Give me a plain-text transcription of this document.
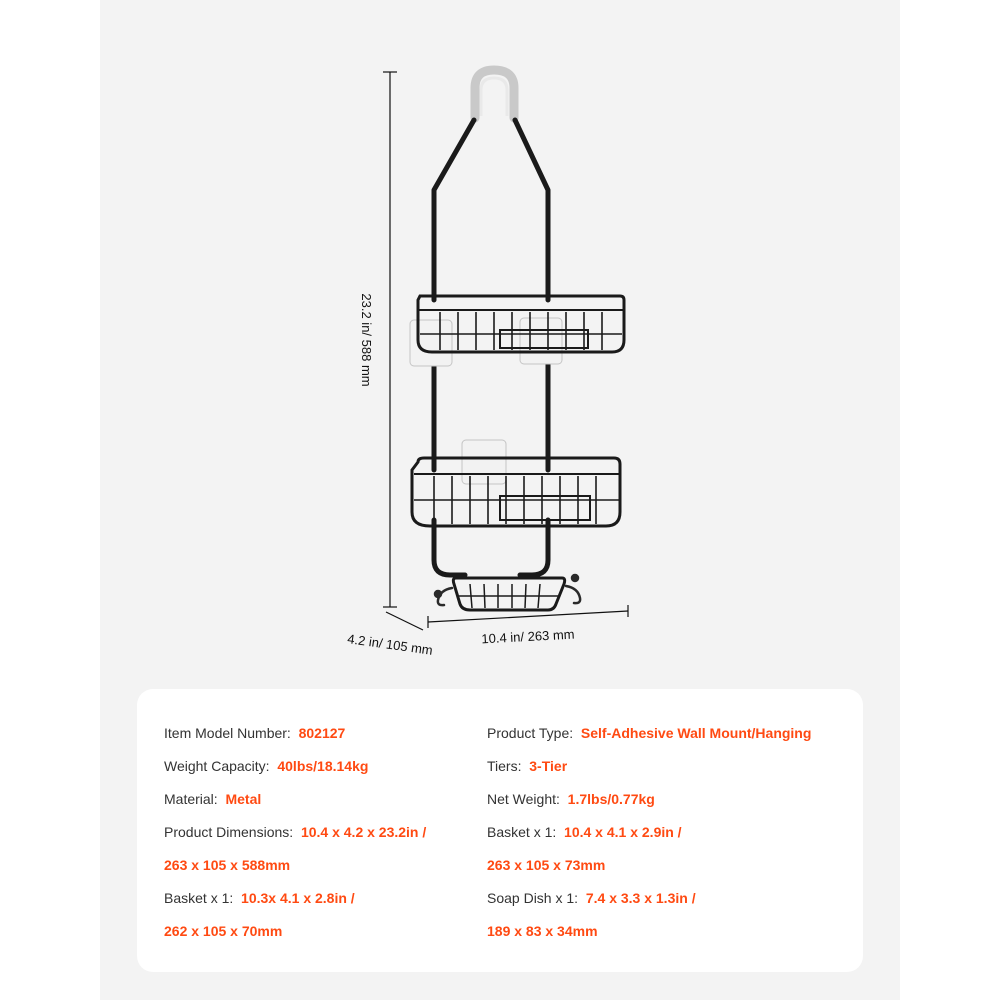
23.2 in/ 588 mm
4.2 in/ 105 mm	10.4 in/ 263 mm
Item Model Number: 802127
Weight Capacity: 40lbs/18.14kg
Material: Metal
Product Dimensions: 10.4 x 4.2 x 23.2in /
263 x 105 x 588mm
Basket x 1: 10.3x 4.1 x 2.8in /
262 x 105 x 70mm
Product Type: Self-Adhesive Wall Mount/Hanging
Tiers: 3-Tier
Net Weight: 1.7lbs/0.77kg
Basket x 1: 10.4 x 4.1 x 2.9in /
263 x 105 x 73mm
Soap Dish x 1: 7.4 x 3.3 x 1.3in /
189 x 83 x 34mm
